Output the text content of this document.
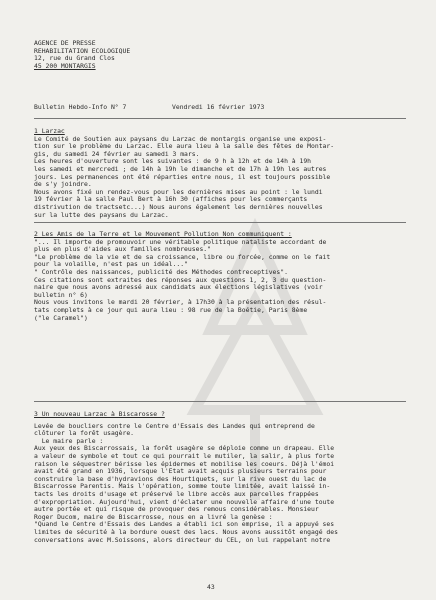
AGENCE DE PRESSE
REHABILITATION ECOLOGIQUE
12, rue du Grand Clos
45 200 MONTARGIS
Bulletin Hebdo-Info N° 7	Vendredi 16 février 1973

1 Larzac

Le Comité de Soutien aux paysans du Larzac de montargis organise une exposi-

tion sur le problème du Larzac. Elle aura lieu à la salle des fêtes de Montar-

gis, du samedi 24 février au samedi 3 mars.

Les heures d'ouverture sont les suivantes : de 9 h à 12h et de 14h à 19h

les samedi et mercredi ; de 14h à 19h le dimanche et de 17h à 19h les autres

jours. Les permanences ont été réparties entre nous, il est toujours possible

de s'y joindre.

Nous avons fixé un rendez-vous pour les dernières mises au point : le lundi

19 février à la salle Paul Bert à 16h 30 (affiches pour les commerçants

distrivution de tractsetc...) Nous aurons également les dernières nouvelles

sur la lutte des paysans du Larzac.

2 Les Amis de la Terre et le Mouvement Pollution Non communiquent :

"... Il importe de promouvoir une véritable politique nataliste accordant de

plus en plus d'aides aux familles nombreuses."

"Le problème de la vie et de sa croissance, libre ou forcée, comme on le fait

pour la volaille, n'est pas un idéal..."

" Contrôle des naissances, publicité des Méthodes contreceptives".

Ces citations sont extraites des réponses aux questions 1, 2, 3 du question-

naire que nous avons adressé aux candidats aux élections législatives (voir

bulletin n° 6)

Nous vous invitons le mardi 20 février, à 17h30 à la présentation des résul-

tats complets à ce jour qui aura lieu : 98 rue de la Boétie, Paris 8ème

("le Caramel")

3 Un nouveau Larzac à Biscarosse ?

Levée de boucliers contre le Centre d'Essais des Landes qui entreprend de

clôturer la forêt usagère.

Le maire parle :

Aux yeux des Biscarrossais, la forêt usagère se déploie comme un drapeau. Elle

a valeur de symbole et tout ce qui pourrait le mutiler, la salir, à plus forte

raison le séquestrer bérisse les épidermes et mobilise les coeurs. Déjà l'émoi

avait été grand en 1936, lorsque l'Etat avait acquis plusieurs terrains pour

construire la base d'hydravions des Hourtiquets, sur la rive ouest du lac de

Biscarrosse Parentis. Mais l'opération, somme toute limitée, avait laissé in-

tacts les droits d'usage et préservé le libre accès aux parcelles frappées

d'expropriation. Aujourd'hui, vient d'éclater une nouvelle affaire d'une toute

autre portée et qui risque de provoquer des remous considérables. Monsieur

Roger Ducom, maire de Biscarrosse, nous en a livré la genèse :

"Quand le Centre d'Essais des Landes a établi ici son emprise, il a appuyé ses

limites de sécurité à la bordure ouest des lacs. Nous avons aussitôt engagé des

conversations avec M.Soissons, alors directeur du CEL, on lui rappelant notre

43
